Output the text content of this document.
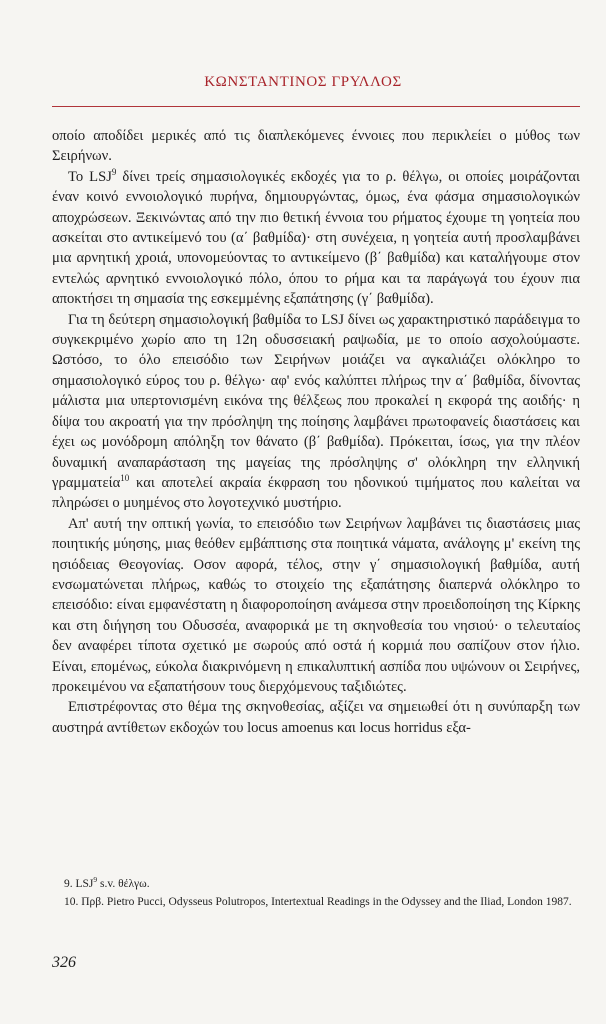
ΚΩΝΣΤΑΝΤΙΝΟΣ ΓΡΥΛΛΟΣ

οποίο αποδίδει μερικές από τις διαπλεκόμενες έννοιες που περικλείει ο μύθος των Σειρήνων.

Το LSJ$^9$ δίνει τρείς σημασιολογικές εκδοχές για το ρ. θέλγω, οι οποίες μοιράζονται έναν κοινό εννοιολογικό πυρήνα, δημιουργώντας, όμως, ένα φάσμα σημασιολογικών αποχρώσεων. Ξεκινώντας από την πιο θετική έννοια του ρήματος έχουμε τη γοητεία που ασκείται στο αντικείμενό του (α΄ βαθμίδα)· στη συνέχεια, η γοητεία αυτή προσλαμβάνει μια αρνητική χροιά, υπονομεύοντας το αντικείμενο (β΄ βαθμίδα) και καταλήγουμε στον εντελώς αρνητικό εννοιολογικό πόλο, όπου το ρήμα και τα παράγωγά του έχουν πια αποκτήσει τη σημασία της εσκεμμένης εξαπάτησης (γ΄ βαθμίδα).

Για τη δεύτερη σημασιολογική βαθμίδα το LSJ δίνει ως χαρακτηριστικό παράδειγμα το συγκεκριμένο χωρίο απο τη 12η οδυσσειακή ραψωδία, με το οποίο ασχολούμαστε. Ωστόσο, το όλο επεισόδιο των Σειρήνων μοιάζει να αγκαλιάζει ολόκληρο το σημασιολογικό εύρος του ρ. θέλγω· αφ' ενός καλύπτει πλήρως την α΄ βαθμίδα, δίνοντας μάλιστα μια υπερτονισμένη εικόνα της θέλξεως που προκαλεί η εκφορά της αοιδής· η δίψα του ακροατή για την πρόσληψη της ποίησης λαμβάνει πρωτοφανείς διαστάσεις και έχει ως μονόδρομη απόληξη τον θάνατο (β΄ βαθμίδα). Πρόκειται, ίσως, για την πλέον δυναμική αναπαράσταση της μαγείας της πρόσληψης σ' ολόκληρη την ελληνική γραμματεία$^{10}$ και αποτελεί ακραία έκφραση του ηδονικού τιμήματος που καλείται να πληρώσει ο μυημένος στο λογοτεχνικό μυστήριο.

Απ' αυτή την οπτική γωνία, το επεισόδιο των Σειρήνων λαμβάνει τις διαστάσεις μιας ποιητικής μύησης, μιας θεόθεν εμβάπτισης στα ποιητικά νάματα, ανάλογης μ' εκείνη της ησιόδειας Θεογονίας. Οσον αφορά, τέλος, στην γ΄ σημασιολογική βαθμίδα, αυτή ενσωματώνεται πλήρως, καθώς το στοιχείο της εξαπάτησης διαπερνά ολόκληρο το επεισόδιο: είναι εμφανέστατη η διαφοροποίηση ανάμεσα στην προειδοποίηση της Κίρκης και στη διήγηση του Οδυσσέα, αναφορικά με τη σκηνοθεσία του νησιού· ο τελευταίος δεν αναφέρει τίποτα σχετικό με σωρούς από οστά ή κορμιά που σαπίζουν στον ήλιο. Είναι, επομένως, εύκολα διακρινόμενη η επικαλυπτική ασπίδα που υψώνουν οι Σειρήνες, προκειμένου να εξαπατήσουν τους διερχόμενους ταξιδιώτες.

Επιστρέφοντας στο θέμα της σκηνοθεσίας, αξίζει να σημειωθεί ότι η συνύπαρξη των αυστηρά αντίθετων εκδοχών του locus amoenus και locus horridus εξα-

9. LSJ$^9$ s.v. θέλγω.

10. Πρβ. Pietro Pucci, Odysseus Polutropos, Intertextual Readings in the Odyssey and the Iliad, London 1987.

326
